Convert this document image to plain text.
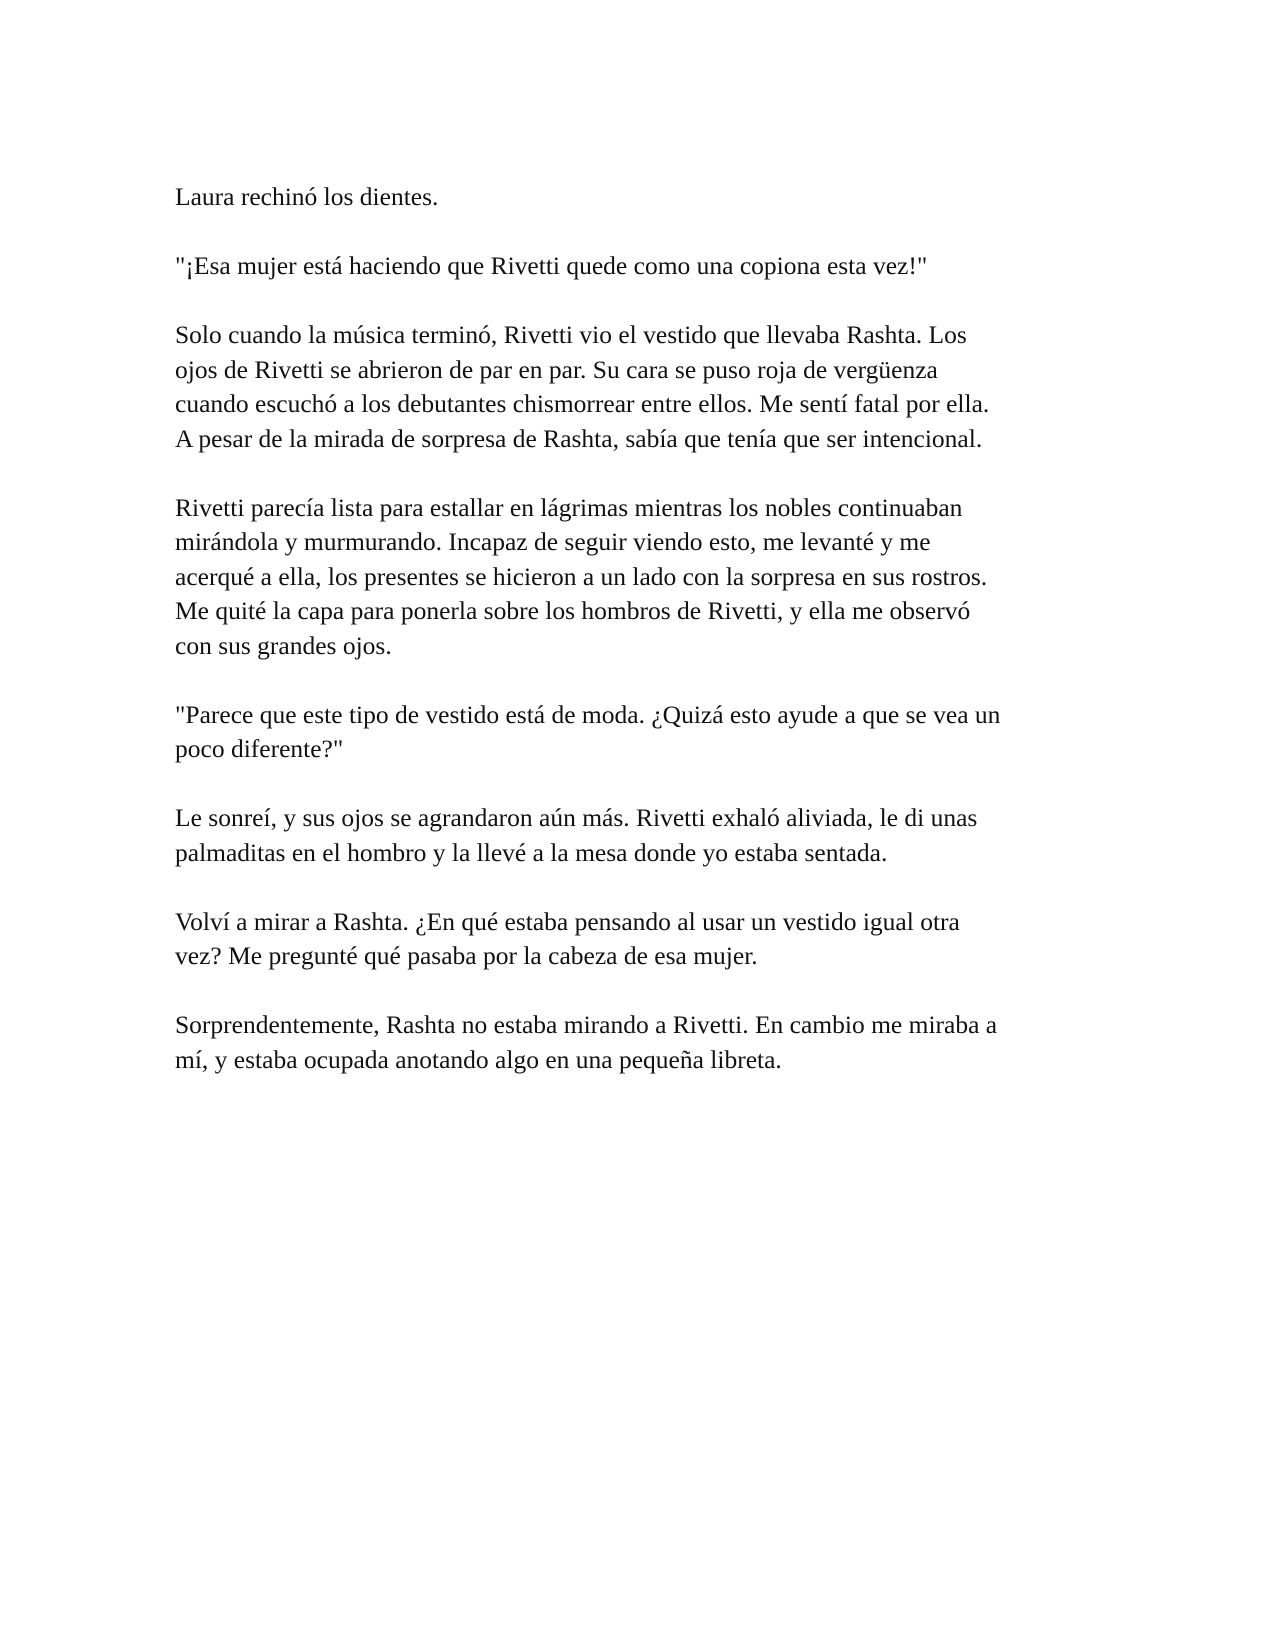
Laura rechinó los dientes.

"¡Esa mujer está haciendo que Rivetti quede como una copiona esta vez!"

Solo cuando la música terminó, Rivetti vio el vestido que llevaba Rashta. Los
ojos de Rivetti se abrieron de par en par. Su cara se puso roja de vergüenza
cuando escuchó a los debutantes chismorrear entre ellos. Me sentí fatal por ella.
A pesar de la mirada de sorpresa de Rashta, sabía que tenía que ser intencional.

Rivetti parecía lista para estallar en lágrimas mientras los nobles continuaban
mirándola y murmurando. Incapaz de seguir viendo esto, me levanté y me
acerqué a ella, los presentes se hicieron a un lado con la sorpresa en sus rostros.
Me quité la capa para ponerla sobre los hombros de Rivetti, y ella me observó
con sus grandes ojos.

"Parece que este tipo de vestido está de moda. ¿Quizá esto ayude a que se vea un
poco diferente?"

Le sonreí, y sus ojos se agrandaron aún más. Rivetti exhaló aliviada, le di unas
palmaditas en el hombro y la llevé a la mesa donde yo estaba sentada.

Volví a mirar a Rashta. ¿En qué estaba pensando al usar un vestido igual otra
vez? Me pregunté qué pasaba por la cabeza de esa mujer.

Sorprendentemente, Rashta no estaba mirando a Rivetti. En cambio me miraba a
mí, y estaba ocupada anotando algo en una pequeña libreta.
